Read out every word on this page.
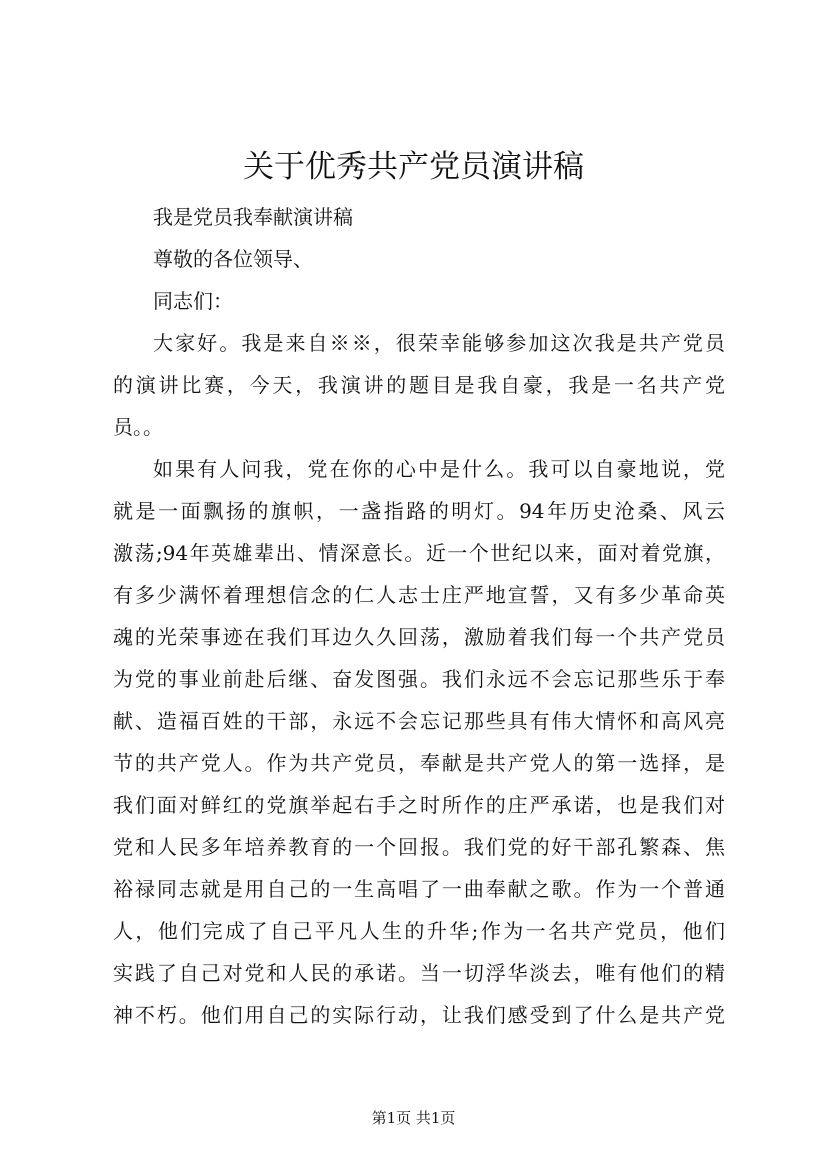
关于优秀共产党员演讲稿

我是党员我奉献演讲稿

尊敬的各位领导、

同志们：

大家好。我是来自※※，很荣幸能够参加这次我是共产党员

的演讲比赛，今天，我演讲的题目是我自豪，我是一名共产党

员。。

如果有人问我，党在你的心中是什么。我可以自豪地说，党

就是一面飘扬的旗帜，一盏指路的明灯。94年历史沧桑、风云

激荡;94年英雄辈出、情深意长。近一个世纪以来，面对着党旗，

有多少满怀着理想信念的仁人志士庄严地宣誓，又有多少革命英

魂的光荣事迹在我们耳边久久回荡，激励着我们每一个共产党员

为党的事业前赴后继、奋发图强。我们永远不会忘记那些乐于奉

献、造福百姓的干部，永远不会忘记那些具有伟大情怀和高风亮

节的共产党人。作为共产党员，奉献是共产党人的第一选择，是

我们面对鲜红的党旗举起右手之时所作的庄严承诺，也是我们对

党和人民多年培养教育的一个回报。我们党的好干部孔繁森、焦

裕禄同志就是用自己的一生高唱了一曲奉献之歌。作为一个普通

人，他们完成了自己平凡人生的升华;作为一名共产党员，他们

实践了自己对党和人民的承诺。当一切浮华淡去，唯有他们的精

神不朽。他们用自己的实际行动，让我们感受到了什么是共产党

第1页 共1页
